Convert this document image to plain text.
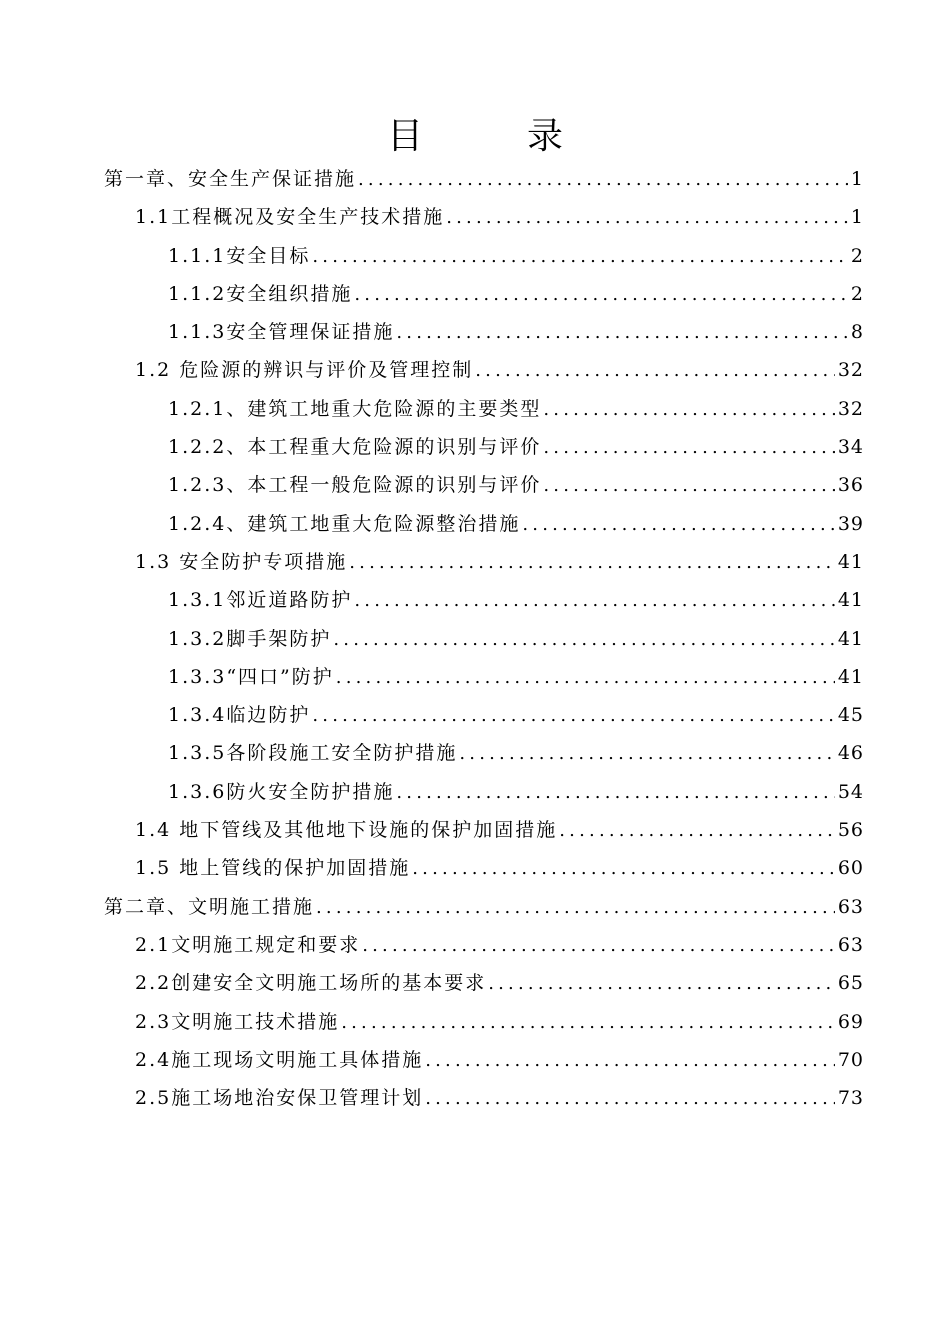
目　录
第一章、安全生产保证措施 .....	1
1.1工程概况及安全生产技术措施 .....	1
1.1.1安全目标 .....	2
1.1.2安全组织措施 .....	2
1.1.3安全管理保证措施 .....	8
1.2 危险源的辨识与评价及管理控制 .....	32
1.2.1、建筑工地重大危险源的主要类型 .....	32
1.2.2、本工程重大危险源的识别与评价 .....	34
1.2.3、本工程一般危险源的识别与评价 .....	36
1.2.4、建筑工地重大危险源整治措施 .....	39
1.3 安全防护专项措施 .....	41
1.3.1邻近道路防护 .....	41
1.3.2脚手架防护 .....	41
1.3.3“四口”防护 .....	41
1.3.4临边防护 .....	45
1.3.5各阶段施工安全防护措施 .....	46
1.3.6防火安全防护措施 .....	54
1.4 地下管线及其他地下设施的保护加固措施 .....	56
1.5 地上管线的保护加固措施 .....	60
第二章、文明施工措施 .....	63
2.1文明施工规定和要求 .....	63
2.2创建安全文明施工场所的基本要求 .....	65
2.3文明施工技术措施 .....	69
2.4施工现场文明施工具体措施 .....	70
2.5施工场地治安保卫管理计划 .....	73
